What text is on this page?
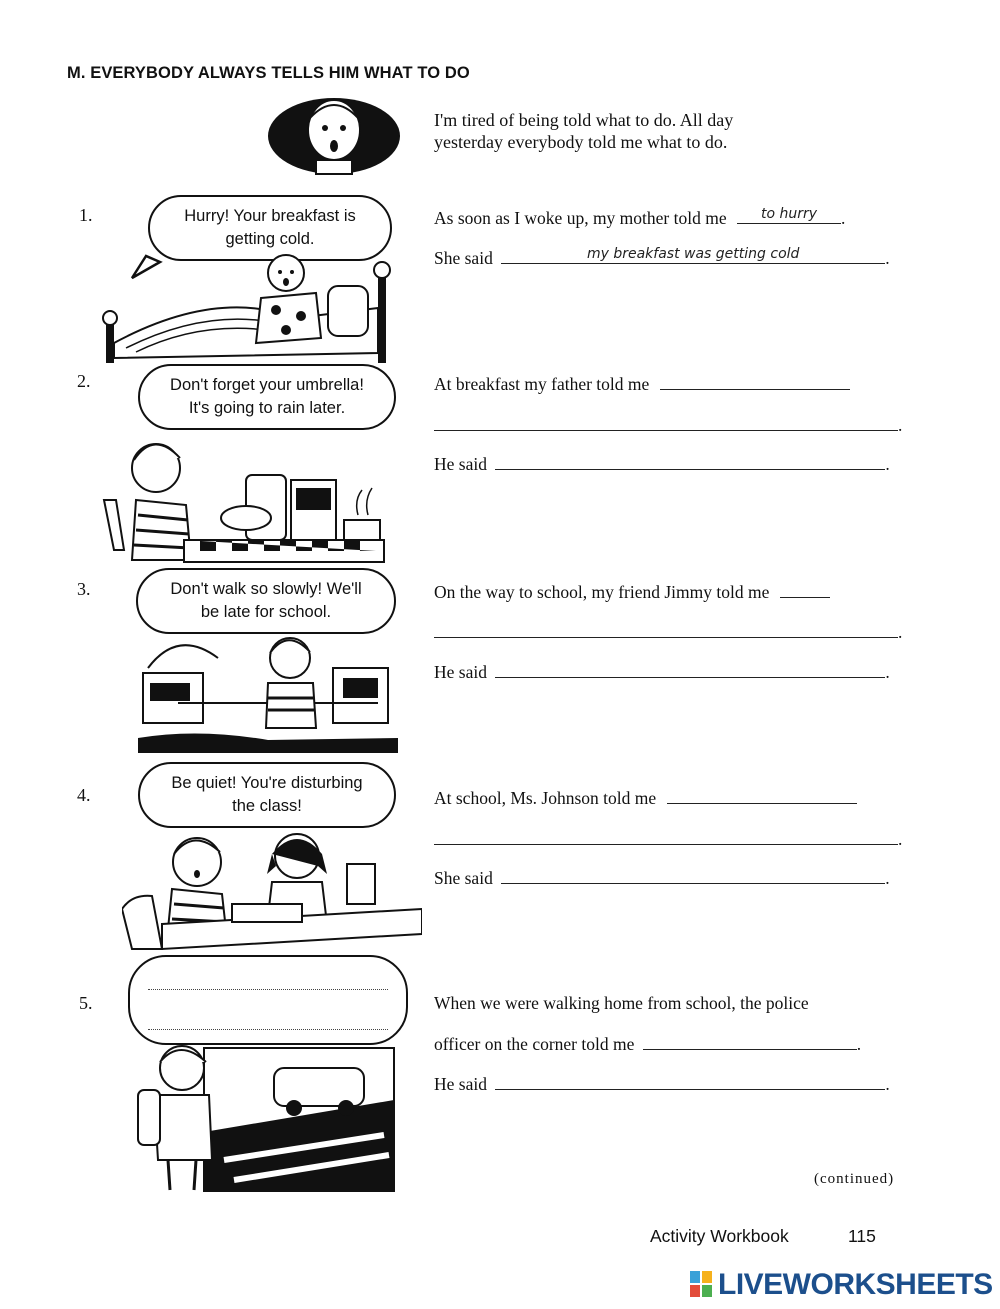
M. EVERYBODY ALWAYS TELLS HIM WHAT TO DO
I'm tired of being told what to do. All day
yesterday everybody told me what to do.
1.	Hurry! Your breakfast is
getting cold.
As soon as I woke up, my mother told me	to hurry	.
She said	my breakfast was getting cold	.
2.	Don't forget your umbrella!
It's going to rain later.
At breakfast my father told me
.
He said	.
3.	Don't walk so slowly! We'll
be late for school.
On the way to school, my friend Jimmy told me
.
He said	.
4.
Be quiet! You're disturbing
the class!	At school, Ms. Johnson told me
.
She said	.
5.	When we were walking home from school, the police
officer on the corner told me	.
He said	.
(continued)
Activity Workbook	115
LIVEWORKSHEETS
